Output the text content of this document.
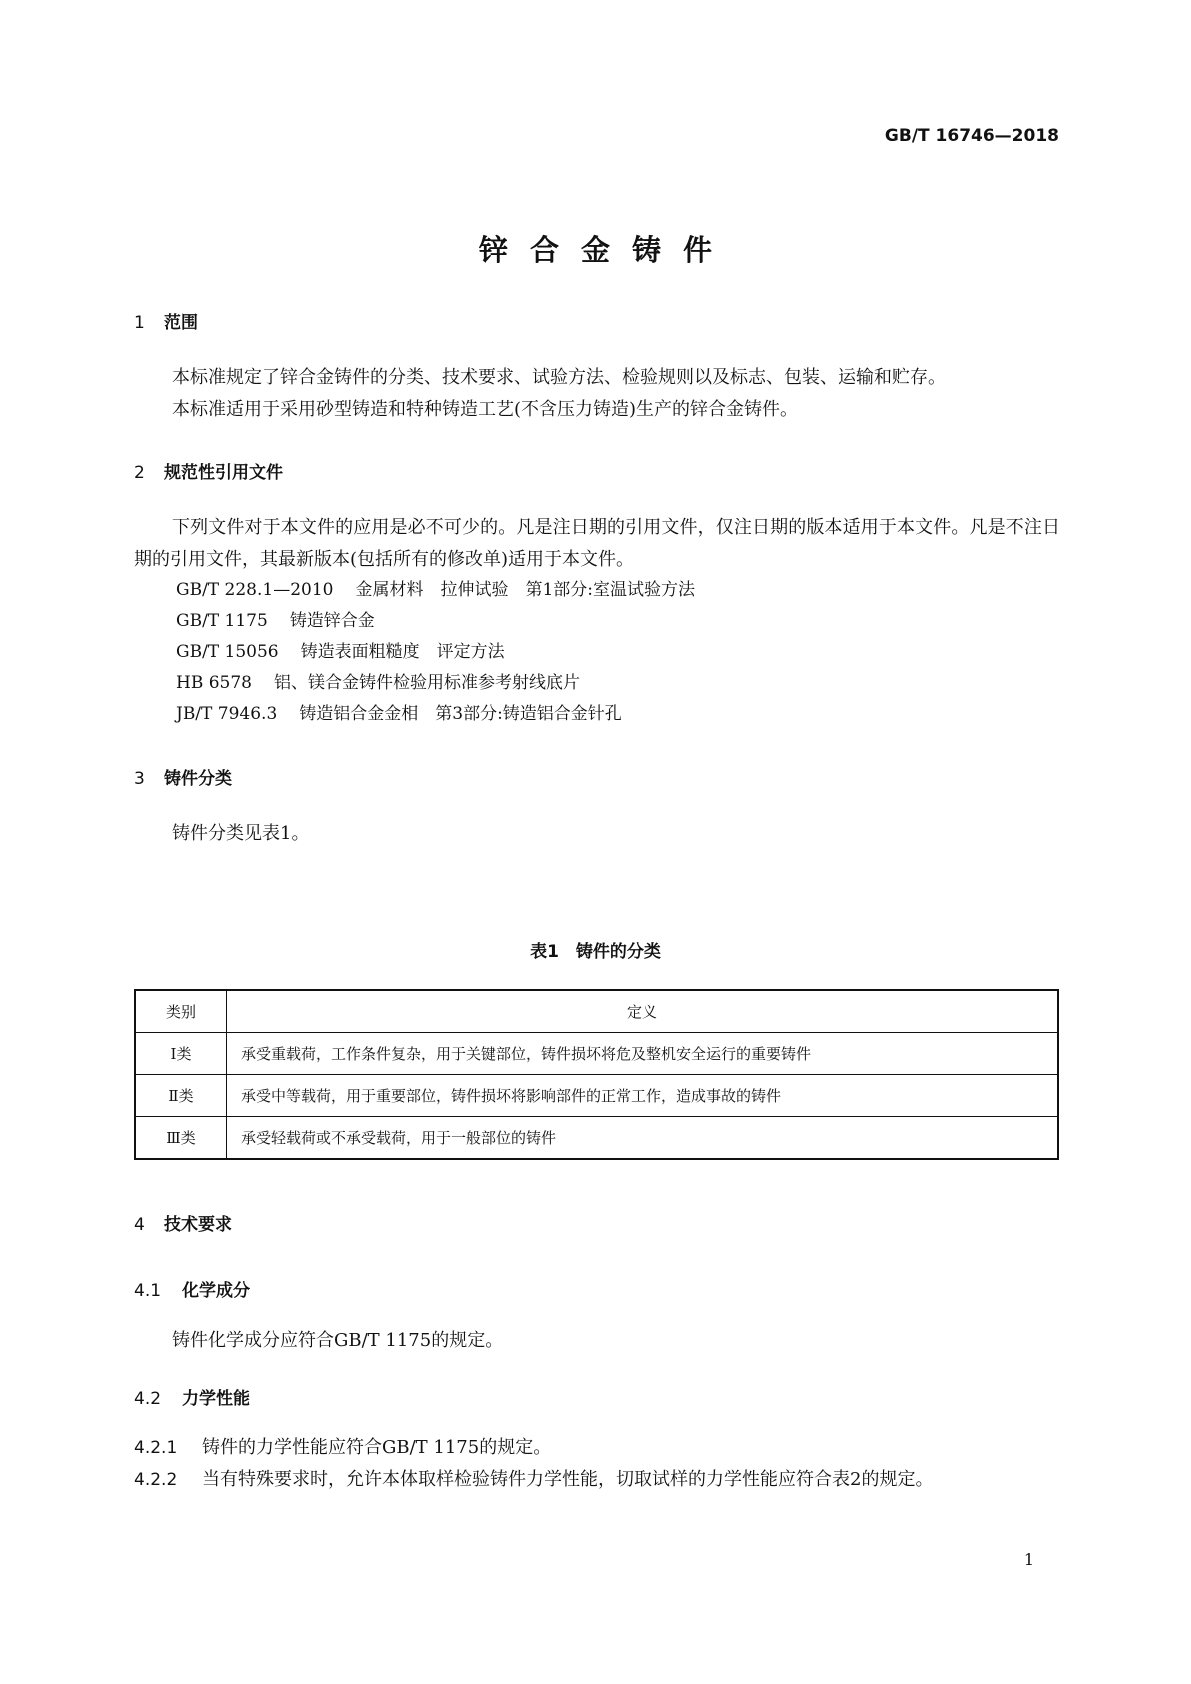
GB/T 16746—2018
锌合金铸件
1 范围
本标准规定了锌合金铸件的分类、技术要求、试验方法、检验规则以及标志、包装、运输和贮存。
本标准适用于采用砂型铸造和特种铸造工艺(不含压力铸造)生产的锌合金铸件。
2 规范性引用文件
下列文件对于本文件的应用是必不可少的。凡是注日期的引用文件，仅注日期的版本适用于本文件。凡是不注日期的引用文件，其最新版本(包括所有的修改单)适用于本文件。
GB/T 228.1—2010 金属材料　拉伸试验　第1部分:室温试验方法
GB/T 1175 铸造锌合金
GB/T 15056 铸造表面粗糙度　评定方法
HB 6578 铝、镁合金铸件检验用标准参考射线底片
JB/T 7946.3 铸造铝合金金相　第3部分:铸造铝合金针孔
3 铸件分类
铸件分类见表1。
表1　铸件的分类
类别	定义
Ⅰ类	承受重载荷，工作条件复杂，用于关键部位，铸件损坏将危及整机安全运行的重要铸件
Ⅱ类	承受中等载荷，用于重要部位，铸件损坏将影响部件的正常工作，造成事故的铸件
Ⅲ类	承受轻载荷或不承受载荷，用于一般部位的铸件
4 技术要求
4.1 化学成分
铸件化学成分应符合GB/T 1175的规定。
4.2 力学性能
4.2.1 铸件的力学性能应符合GB/T 1175的规定。
4.2.2 当有特殊要求时，允许本体取样检验铸件力学性能，切取试样的力学性能应符合表2的规定。
1
